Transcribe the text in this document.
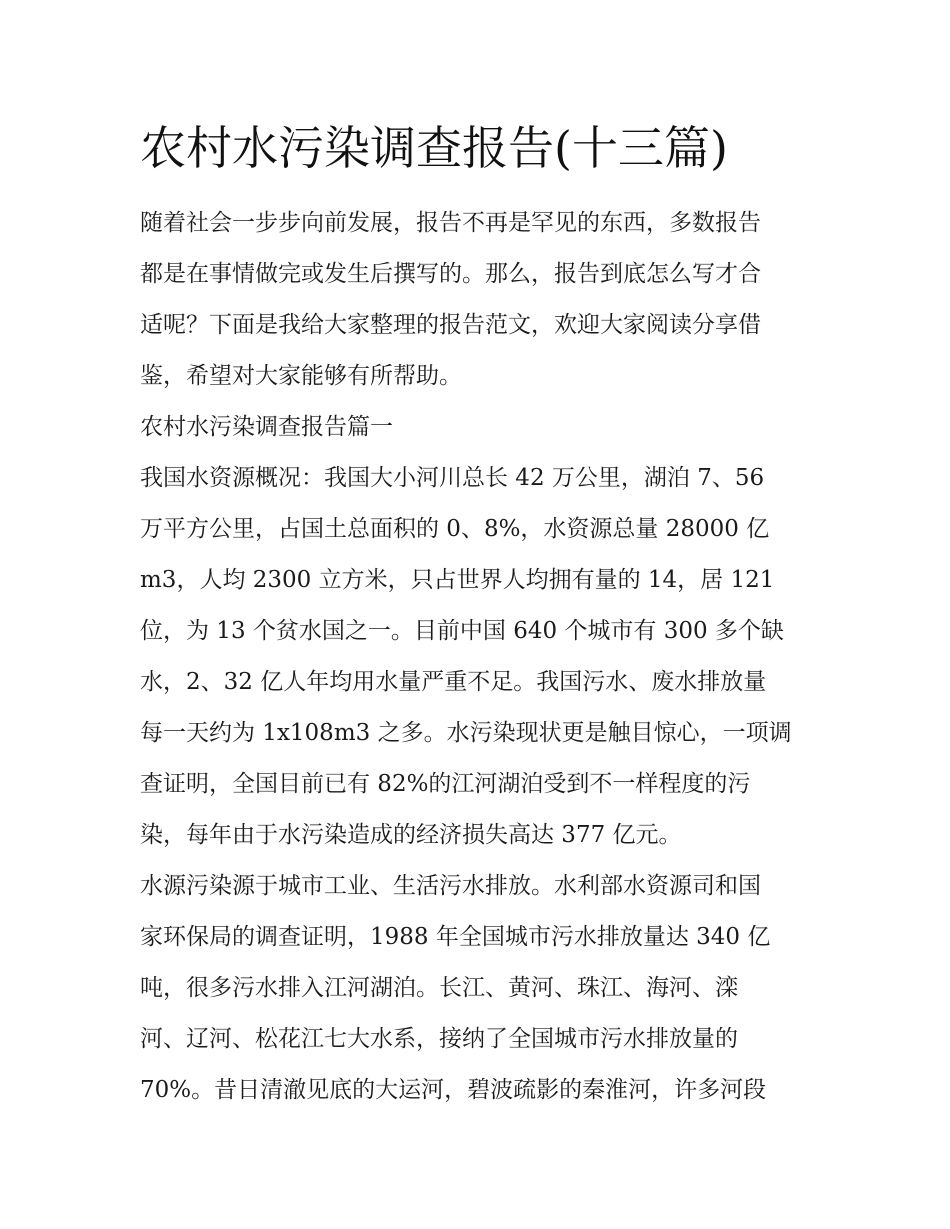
农村水污染调查报告(十三篇)
随着社会一步步向前发展，报告不再是罕见的东西，多数报告
都是在事情做完或发生后撰写的。那么，报告到底怎么写才合
适呢？下面是我给大家整理的报告范文，欢迎大家阅读分享借
鉴，希望对大家能够有所帮助。
农村水污染调查报告篇一
我国水资源概况：我国大小河川总长 42 万公里，湖泊 7、56
万平方公里，占国土总面积的 0、8%，水资源总量 28000 亿
m3，人均 2300 立方米，只占世界人均拥有量的 14，居 121
位，为 13 个贫水国之一。目前中国 640 个城市有 300 多个缺
水，2、32 亿人年均用水量严重不足。我国污水、废水排放量
每一天约为 1x108m3 之多。水污染现状更是触目惊心，一项调
查证明，全国目前已有 82%的江河湖泊受到不一样程度的污
染，每年由于水污染造成的经济损失高达 377 亿元。
水源污染源于城市工业、生活污水排放。水利部水资源司和国
家环保局的调查证明，1988 年全国城市污水排放量达 340 亿
吨，很多污水排入江河湖泊。长江、黄河、珠江、海河、滦
河、辽河、松花江七大水系，接纳了全国城市污水排放量的
70%。昔日清澈见底的大运河，碧波疏影的秦淮河，许多河段
